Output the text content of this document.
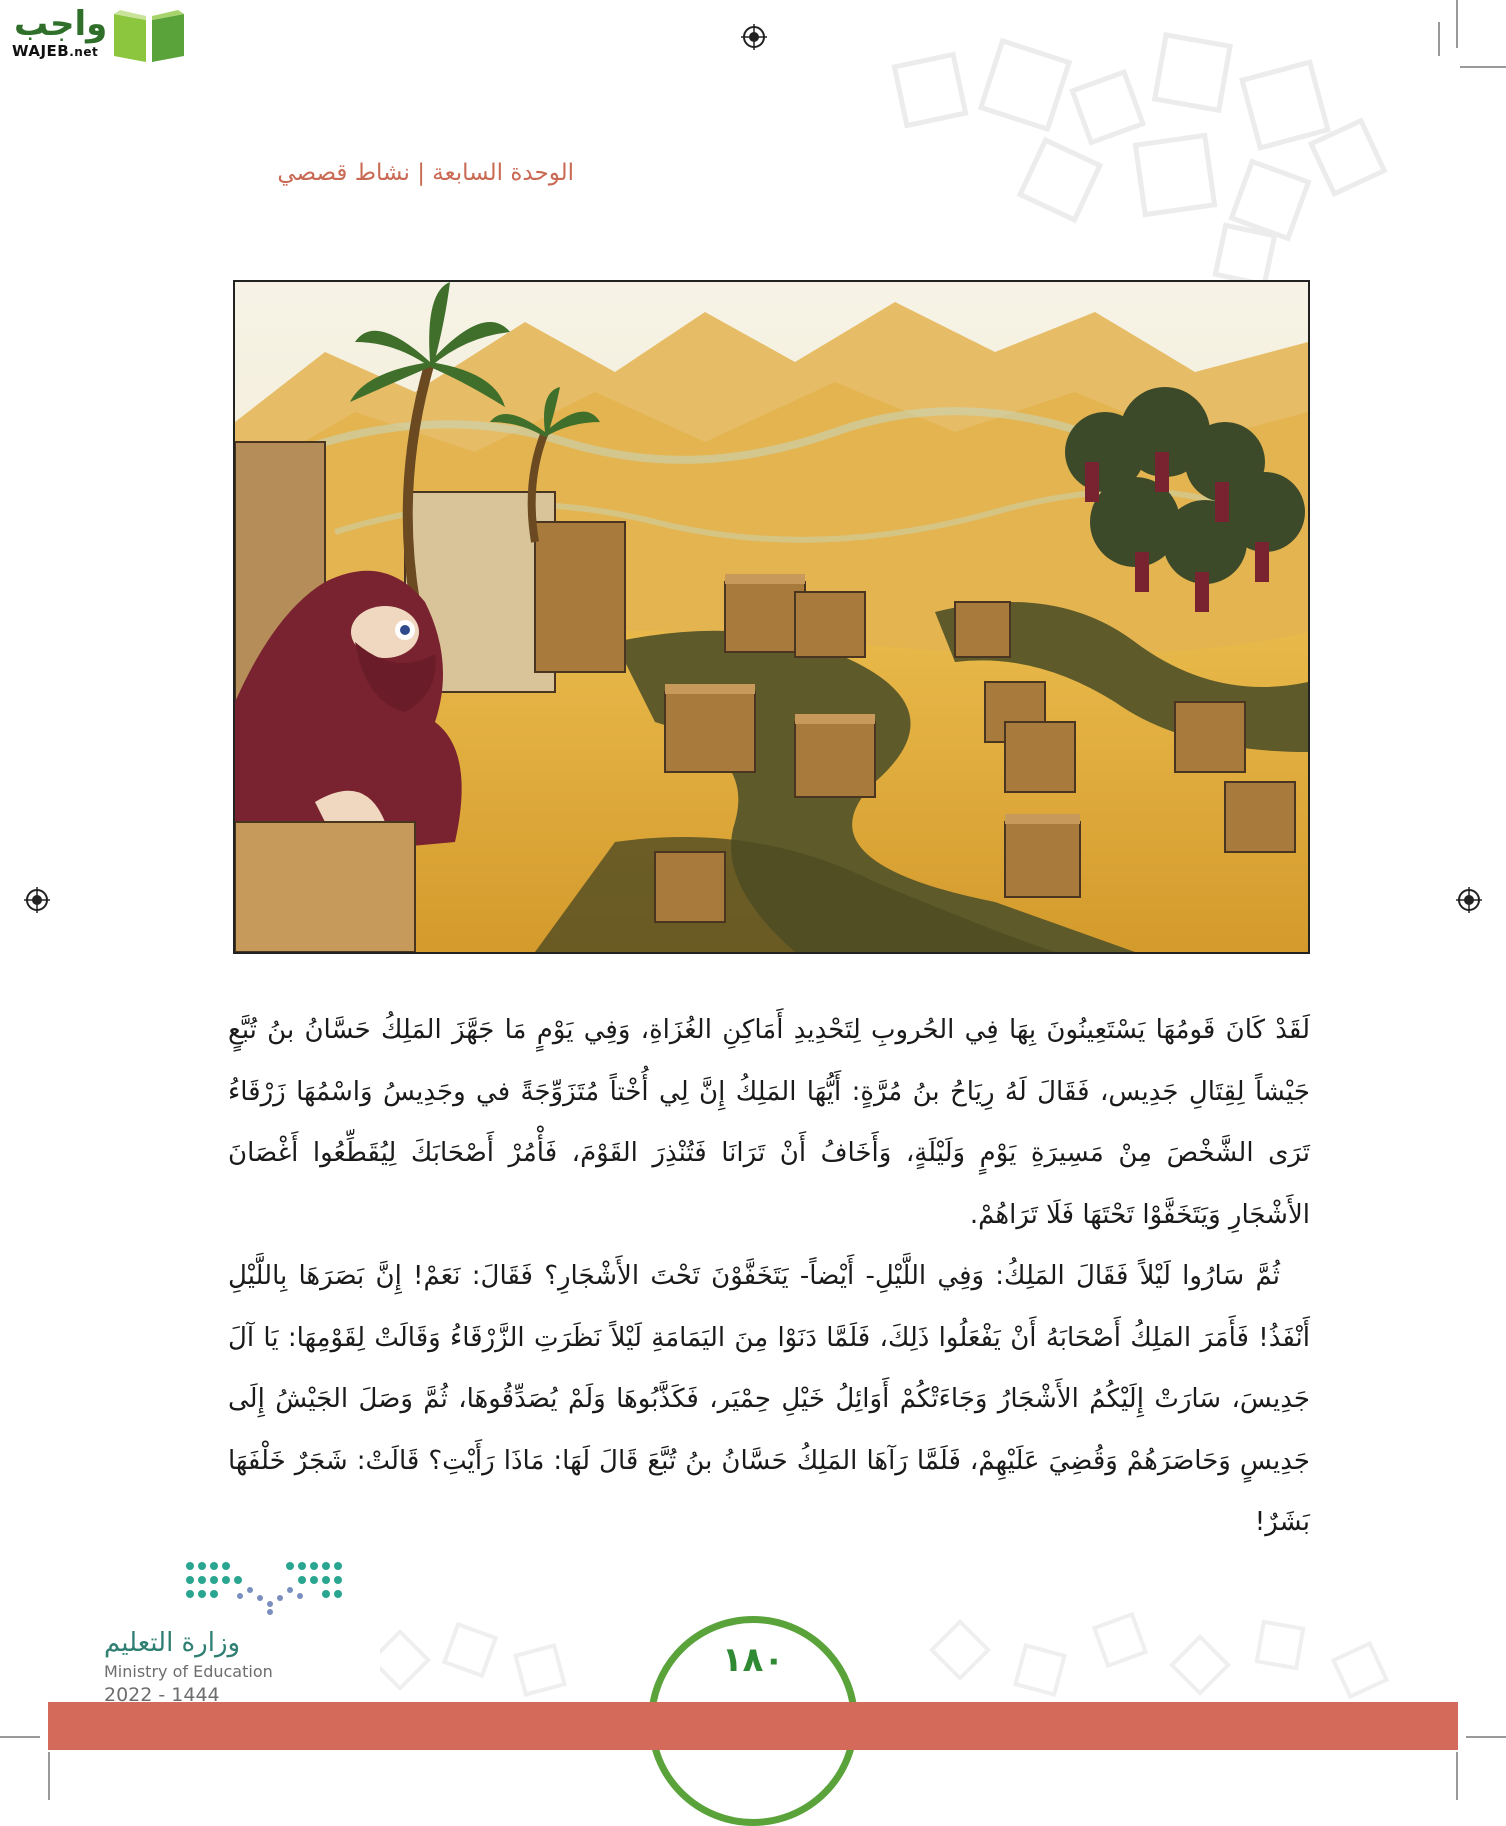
واجب
WAJEB.net
الوحدة السابعة | نشاط قصصي

لَقَدْ كَانَ قَومُهَا يَسْتَعِينُونَ بِهَا فِي الحُروبِ لِتَحْدِيدِ أَمَاكِنِ الغُزَاةِ، وَفِي يَوْمٍ مَا جَهَّزَ المَلِكُ حَسَّانُ بنُ تُبَّعٍ جَيْشاً لِقِتَالِ جَدِيس، فَقَالَ لَهُ رِيَاحُ بنُ مُرَّةٍ: أَيُّهَا المَلِكُ إِنَّ لِي أُخْتاً مُتَزَوِّجَةً في وجَدِيسُ وَاسْمُهَا زَرْقَاءُ تَرَى الشَّخْصَ مِنْ مَسِيرَةِ يَوْمٍ وَلَيْلَةٍ، وَأَخَافُ أَنْ تَرَانَا فَتُنْذِرَ القَوْمَ، فَأْمُرْ أَصْحَابَكَ لِيُقَطِّعُوا أَغْصَانَ الأَشْجَارِ وَيَتَخَفَّوْا تَحْتَهَا فَلَا تَرَاهُمْ.

ثُمَّ سَارُوا لَيْلاً فَقَالَ المَلِكُ: وَفِي اللَّيْلِ- أَيْضاً- يَتَخَفَّوْنَ تَحْتَ الأَشْجَارِ؟ فَقَالَ: نَعَمْ! إِنَّ بَصَرَهَا بِاللَّيْلِ أَنْفَذُ! فَأَمَرَ المَلِكُ أَصْحَابَهُ أَنْ يَفْعَلُوا ذَلِكَ، فَلَمَّا دَنَوْا مِنَ اليَمَامَةِ لَيْلاً نَظَرَتِ الزَّرْقَاءُ وَقَالَتْ لِقَوْمِهَا: يَا آلَ جَدِيسَ، سَارَتْ إِلَيْكُمُ الأَشْجَارُ وَجَاءَتْكُمْ أَوَائِلُ خَيْلِ حِمْيَر، فَكَذَّبُوهَا وَلَمْ يُصَدِّقُوهَا، ثُمَّ وَصَلَ الجَيْشُ إِلَى جَدِيسٍ وَحَاصَرَهُمْ وَقُضِيَ عَلَيْهِمْ، فَلَمَّا رَآهَا المَلِكُ حَسَّانُ بنُ تُبَّعَ قَالَ لَهَا: مَاذَا رَأَيْتِ؟ قَالَتْ: شَجَرٌ خَلْفَهَا بَشَرٌ!

١٨٠
وزارة التعليم
Ministry of Education
2022 - 1444
